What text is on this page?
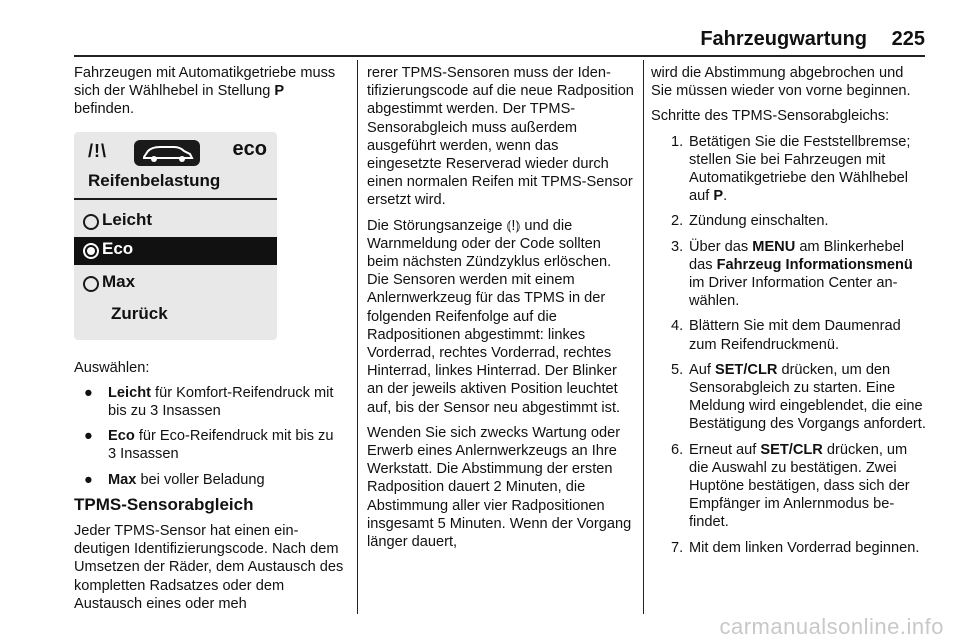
Fahrzeugwartung 225

Fahrzeugen mit Automatikgetriebe muss sich der Wählhebel in Stellung P befinden.

/!\	eco
Reifenbelastung
Leicht
Eco
Max
Zurück

Auswählen:

● Leicht für Komfort-Reifendruck mit bis zu 3 Insassen
● Eco für Eco-Reifendruck mit bis zu 3 Insassen
● Max bei voller Beladung
TPMS-Sensorabgleich

Jeder TPMS-Sensor hat einen eindeutigen Identifizierungscode. Nach dem Umsetzen der Räder, dem Austausch des kompletten Radsatzes oder dem Austausch eines oder meh

rerer TPMS-Sensoren muss der Identifizierungscode auf die neue Radposition abgestimmt werden. Der TPMS-Sensorabgleich muss außerdem ausgeführt werden, wenn das eingesetzte Reserverad wieder durch einen normalen Reifen mit TPMS-Sensor ersetzt wird.

Die Störungsanzeige ⦅!⦆ und die Warnmeldung oder der Code sollten beim nächsten Zündzyklus erlöschen. Die Sensoren werden mit einem Anlernwerkzeug für das TPMS in der folgenden Reifenfolge auf die Radpositionen abgestimmt: linkes Vorderrad, rechtes Vorderrad, rechtes Hinterrad, linkes Hinterrad. Der Blinker an der jeweils aktiven Position leuchtet auf, bis der Sensor neu abgestimmt ist.

Wenden Sie sich zwecks Wartung oder Erwerb eines Anlernwerkzeugs an Ihre Werkstatt. Die Abstimmung der ersten Radposition dauert 2 Minuten, die Abstimmung aller vier Radpositionen insgesamt 5 Minuten. Wenn der Vorgang länger dauert,

wird die Abstimmung abgebrochen und Sie müssen wieder von vorne beginnen.

Schritte des TPMS-Sensorabgleichs:

1. Betätigen Sie die Feststellbremse; stellen Sie bei Fahrzeugen mit Automatikgetriebe den Wählhebel auf P.
2. Zündung einschalten.
3. Über das MENU am Blinkerhebel das Fahrzeug Informationsmenü im Driver Information Center anwählen.
4. Blättern Sie mit dem Daumenrad zum Reifendruckmenü.
5. Auf SET/CLR drücken, um den Sensorabgleich zu starten. Eine Meldung wird eingeblendet, die eine Bestätigung des Vorgangs anfordert.
6. Erneut auf SET/CLR drücken, um die Auswahl zu bestätigen. Zwei Huptöne bestätigen, dass sich der Empfänger im Anlernmodus befindet.
7. Mit dem linken Vorderrad beginnen.
carmanualsonline.info
